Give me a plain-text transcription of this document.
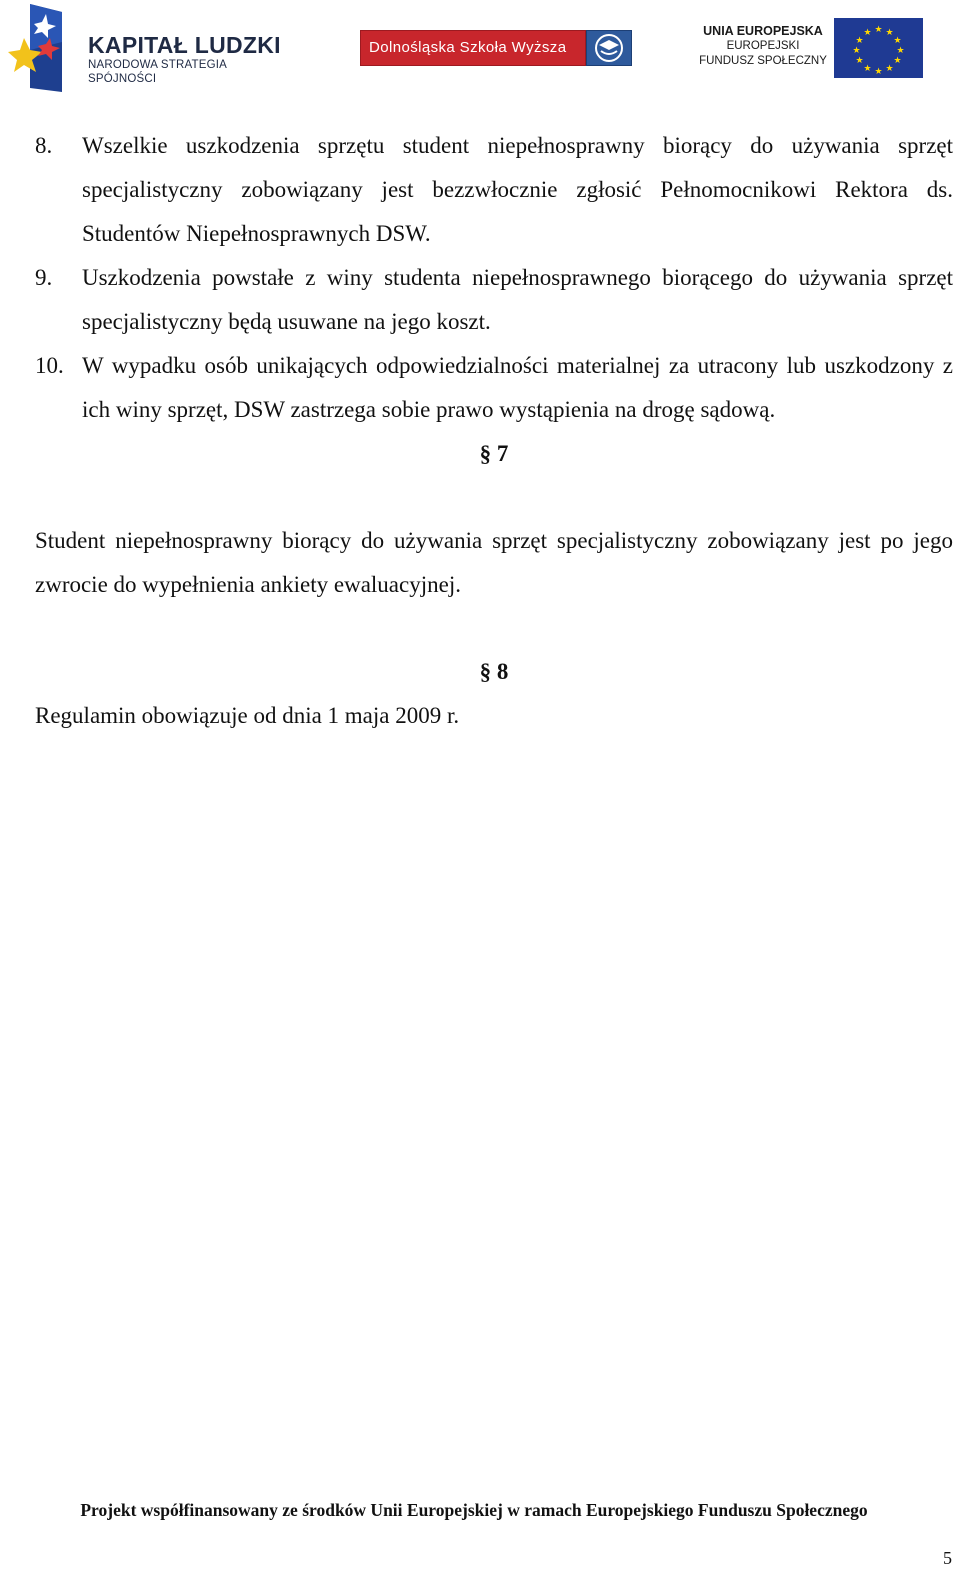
KAPITAŁ LUDZKI
NARODOWA STRATEGIA SPÓJNOŚCI
Dolnośląska Szkoła Wyższa
UNIA EUROPEJSKA
EUROPEJSKI
FUNDUSZ SPOŁECZNY
★ ★
★
★
★
★
★
★
★
★
★
★
8. Wszelkie uszkodzenia sprzętu student niepełnosprawny biorący do używania sprzęt specjalistyczny zobowiązany jest bezzwłocznie zgłosić Pełnomocnikowi Rektora ds. Studentów Niepełnosprawnych DSW.
9. Uszkodzenia powstałe z winy studenta niepełnosprawnego biorącego do używania sprzęt specjalistyczny będą usuwane na jego koszt.
10. W wypadku osób unikających odpowiedzialności materialnej za utracony lub uszkodzony z ich winy sprzęt, DSW zastrzega sobie prawo wystąpienia na drogę sądową.
§ 7
Student niepełnosprawny biorący do używania sprzęt specjalistyczny zobowiązany jest po jego zwrocie do wypełnienia ankiety ewaluacyjnej.
§ 8
Regulamin obowiązuje od dnia 1 maja 2009 r.
Projekt współfinansowany ze środków Unii Europejskiej w ramach Europejskiego Funduszu Społecznego
5
